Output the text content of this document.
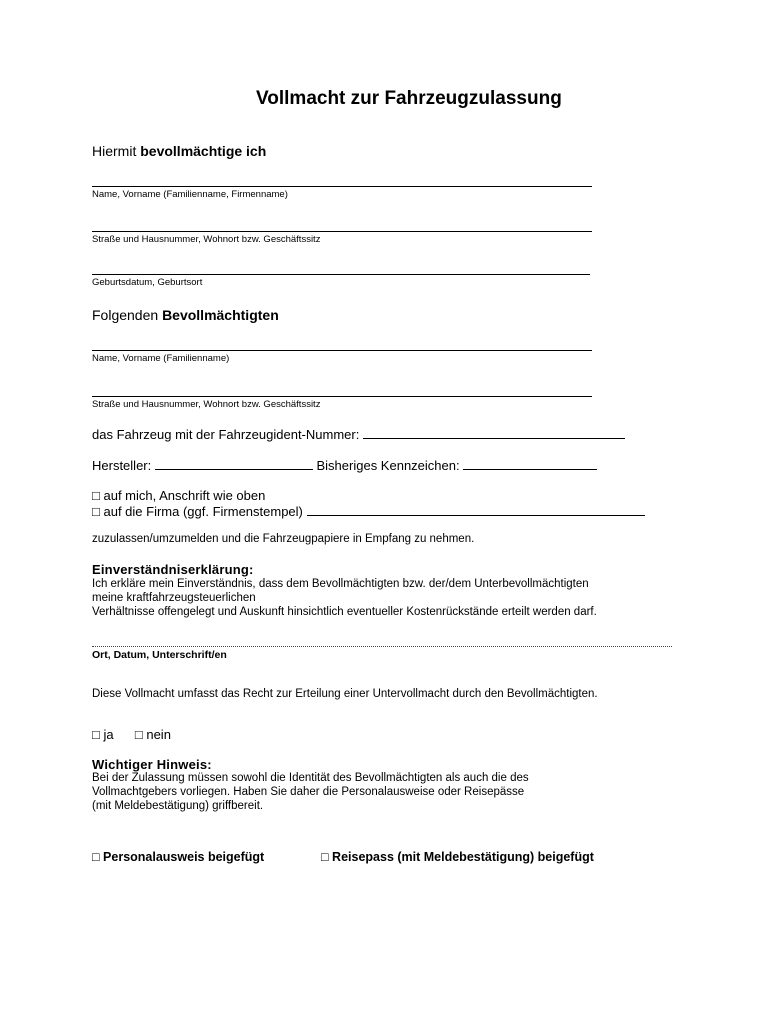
Vollmacht zur Fahrzeugzulassung
Hiermit bevollmächtige ich
Name, Vorname (Familienname, Firmenname)
Straße und Hausnummer, Wohnort bzw. Geschäftssitz
Geburtsdatum, Geburtsort
Folgenden Bevollmächtigten
Name, Vorname (Familienname)
Straße und Hausnummer, Wohnort bzw. Geschäftssitz
das Fahrzeug mit der Fahrzeugident-Nummer:
Hersteller:	Bisheriges Kennzeichen:
□ auf mich, Anschrift wie oben
□ auf die Firma (ggf. Firmenstempel)
zuzulassen/umzumelden und die Fahrzeugpapiere in Empfang zu nehmen.
Einverständniserklärung:
Ich erkläre mein Einverständnis, dass dem Bevollmächtigten bzw. der/dem Unterbevollmächtigten
meine kraftfahrzeugsteuerlichen
Verhältnisse offengelegt und Auskunft hinsichtlich eventueller Kostenrückstände erteilt werden darf.
Ort, Datum, Unterschrift/en
Diese Vollmacht umfasst das Recht zur Erteilung einer Untervollmacht durch den Bevollmächtigten.
□ ja □ nein
Wichtiger Hinweis:
Bei der Zulassung müssen sowohl die Identität des Bevollmächtigten als auch die des
Vollmachtgebers vorliegen. Haben Sie daher die Personalausweise oder Reisepässe
(mit Meldebestätigung) griffbereit.
□ Personalausweis beigefügt	□ Reisepass (mit Meldebestätigung) beigefügt
